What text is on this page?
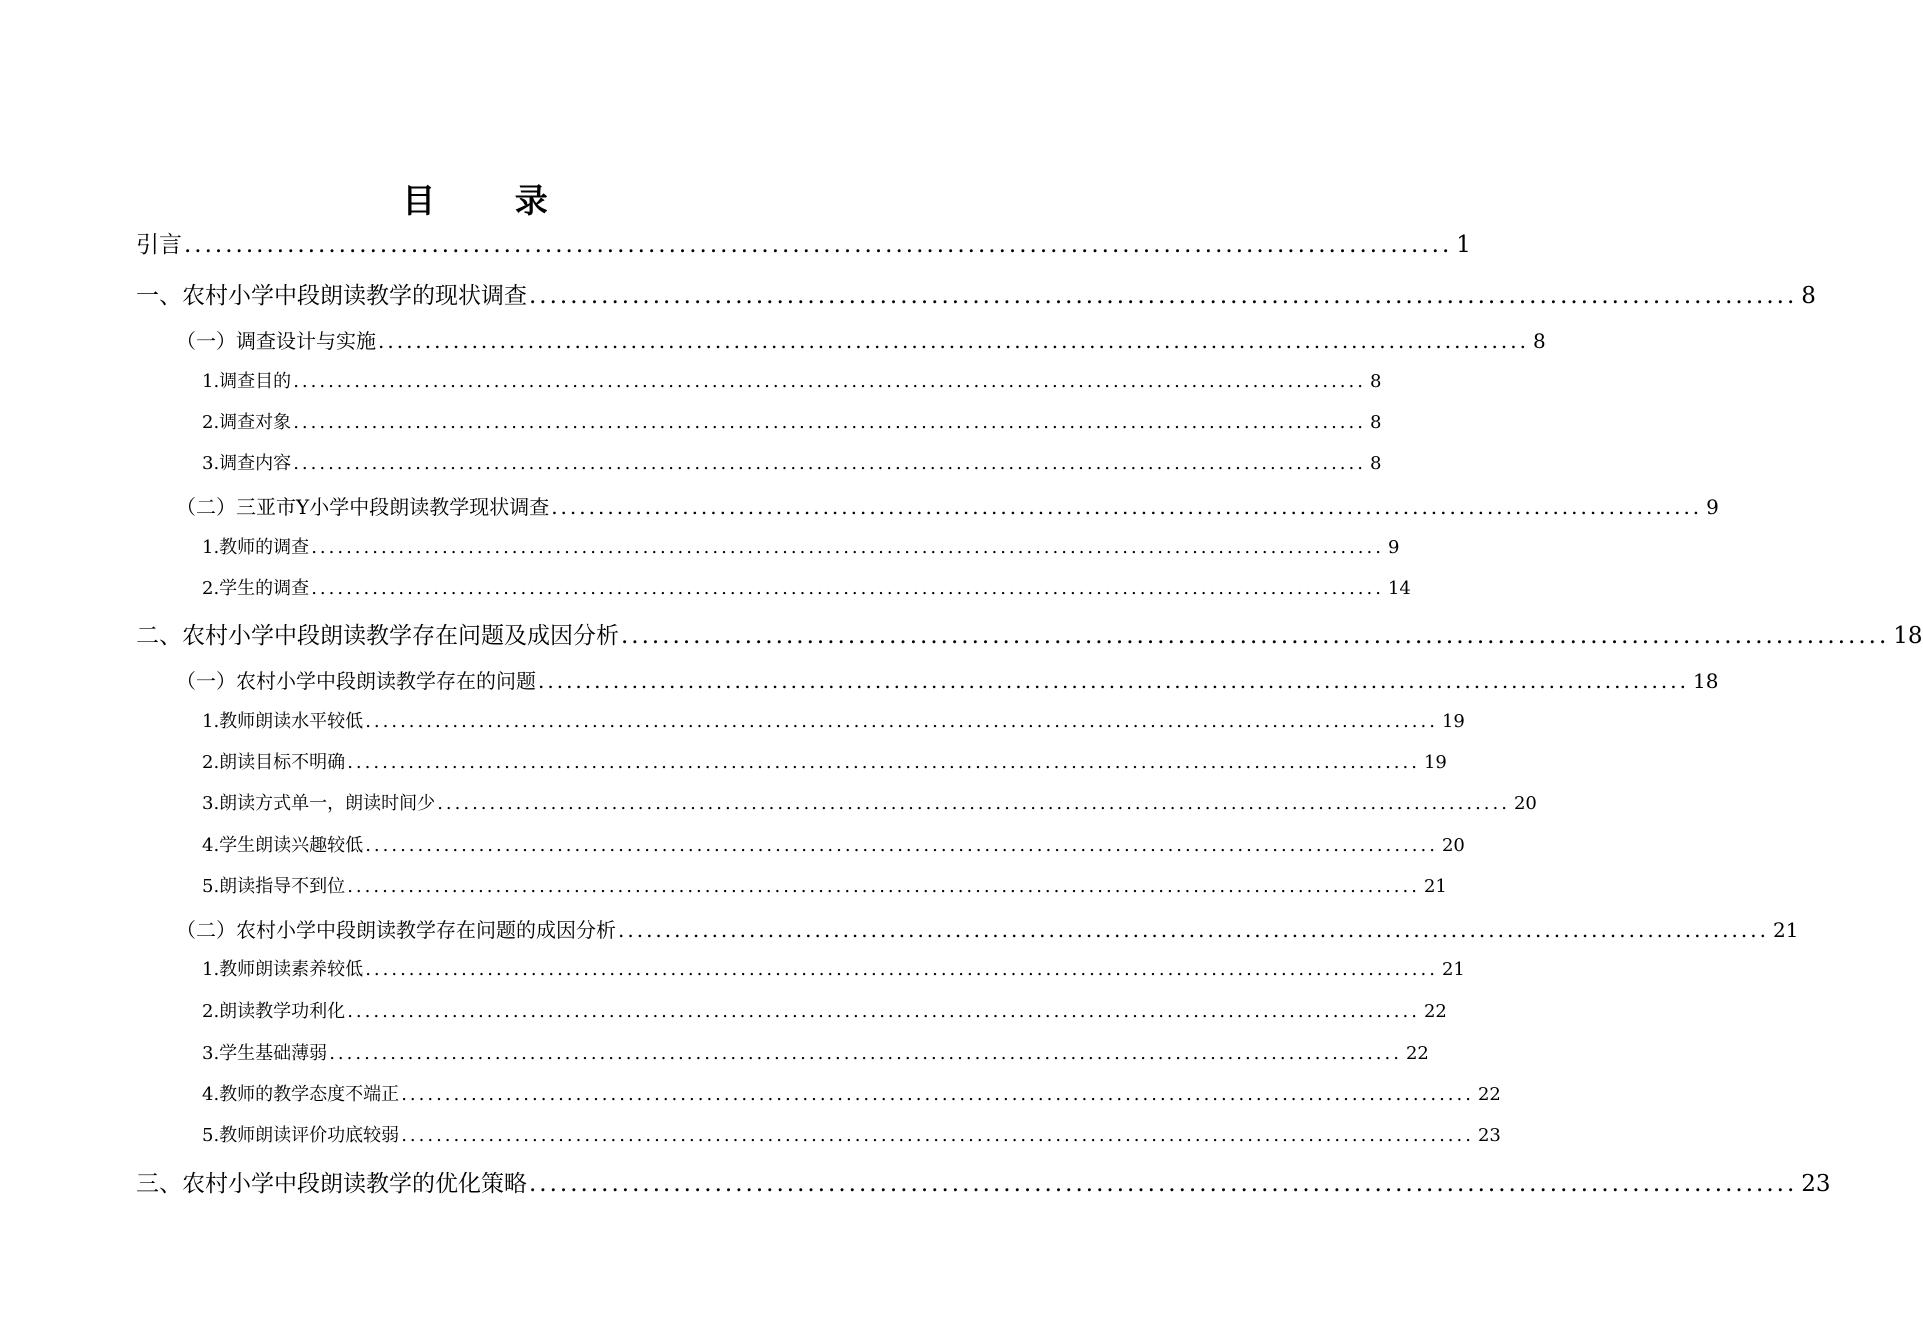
目 录
引言 ........................................................................................................................... 1
一、农村小学中段朗读教学的现状调查 ........................................................................................................................... 8
（一）调查设计与实施 ........................................................................................................................... 8
1.调查目的 ........................................................................................................................... 8
2.调查对象 ........................................................................................................................... 8
3.调查内容 ........................................................................................................................... 8
（二）三亚市Y小学中段朗读教学现状调查 ........................................................................................................................... 9
1.教师的调查 ........................................................................................................................... 9
2.学生的调查 ........................................................................................................................... 14
二、农村小学中段朗读教学存在问题及成因分析 ........................................................................................................................... 18
（一）农村小学中段朗读教学存在的问题 ........................................................................................................................... 18
1.教师朗读水平较低 ........................................................................................................................... 19
2.朗读目标不明确 ........................................................................................................................... 19
3.朗读方式单一，朗读时间少 ........................................................................................................................... 20
4.学生朗读兴趣较低 ........................................................................................................................... 20
5.朗读指导不到位 ........................................................................................................................... 21
（二）农村小学中段朗读教学存在问题的成因分析 ........................................................................................................................... 21
1.教师朗读素养较低 ........................................................................................................................... 21
2.朗读教学功利化 ........................................................................................................................... 22
3.学生基础薄弱 ........................................................................................................................... 22
4.教师的教学态度不端正 ........................................................................................................................... 22
5.教师朗读评价功底较弱 ........................................................................................................................... 23
三、农村小学中段朗读教学的优化策略 ........................................................................................................................... 23
